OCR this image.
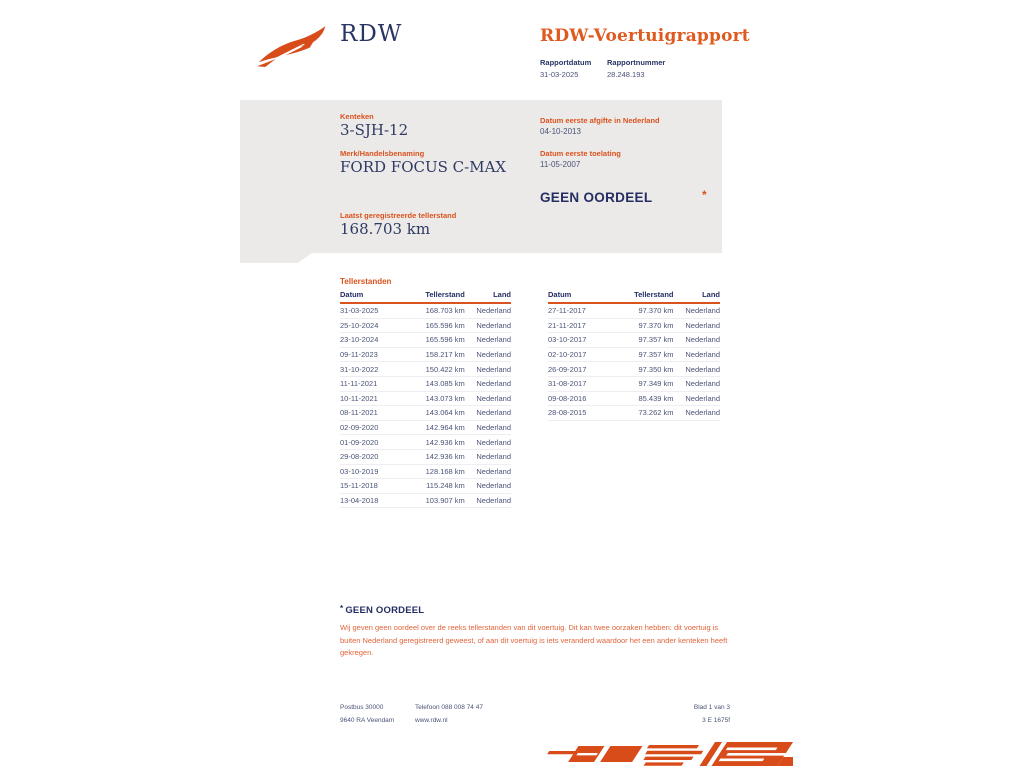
RDW	RDW-Voertuigrapport
Rapportdatum Rapportnummer
31-03-2025	28.248.193
Kenteken
3-SJH-12
Merk/Handelsbenaming
FORD FOCUS C-MAX
Laatst geregistreerde tellerstand
168.703 km
Datum eerste afgifte in Nederland
04-10-2013
Datum eerste toelating
11-05-2007
GEEN OORDEEL	*
Tellerstanden
Datum	Tellerstand	Land
31-03-2025	168.703 km	Nederland
25-10-2024	165.596 km	Nederland
23-10-2024	165.596 km	Nederland
09-11-2023	158.217 km	Nederland
31-10-2022	150.422 km	Nederland
11-11-2021	143.085 km	Nederland
10-11-2021	143.073 km	Nederland
08-11-2021	143.064 km	Nederland
02-09-2020	142.964 km	Nederland
01-09-2020	142.936 km	Nederland
29-08-2020	142.936 km	Nederland
03-10-2019	128.168 km	Nederland
15-11-2018	115.248 km	Nederland
13-04-2018	103.907 km	Nederland
Datum	Tellerstand	Land
27-11-2017	97.370 km	Nederland
21-11-2017	97.370 km	Nederland
03-10-2017	97.357 km	Nederland
02-10-2017	97.357 km	Nederland
26-09-2017	97.350 km	Nederland
31-08-2017	97.349 km	Nederland
09-08-2016	85.439 km	Nederland
28-08-2015	73.262 km	Nederland
* GEEN OORDEEL
Wij geven geen oordeel over de reeks tellerstanden van dit voertuig. Dit kan twee oorzaken hebben: dit voertuig is buiten Nederland geregistreerd geweest, of aan dit voertuig is iets veranderd waardoor het een ander kenteken heeft gekregen.
Postbus 30000
9640 RA Veendam
Telefoon 088 008 74 47
www.rdw.nl
Blad 1 van 3
3 E 1675f
